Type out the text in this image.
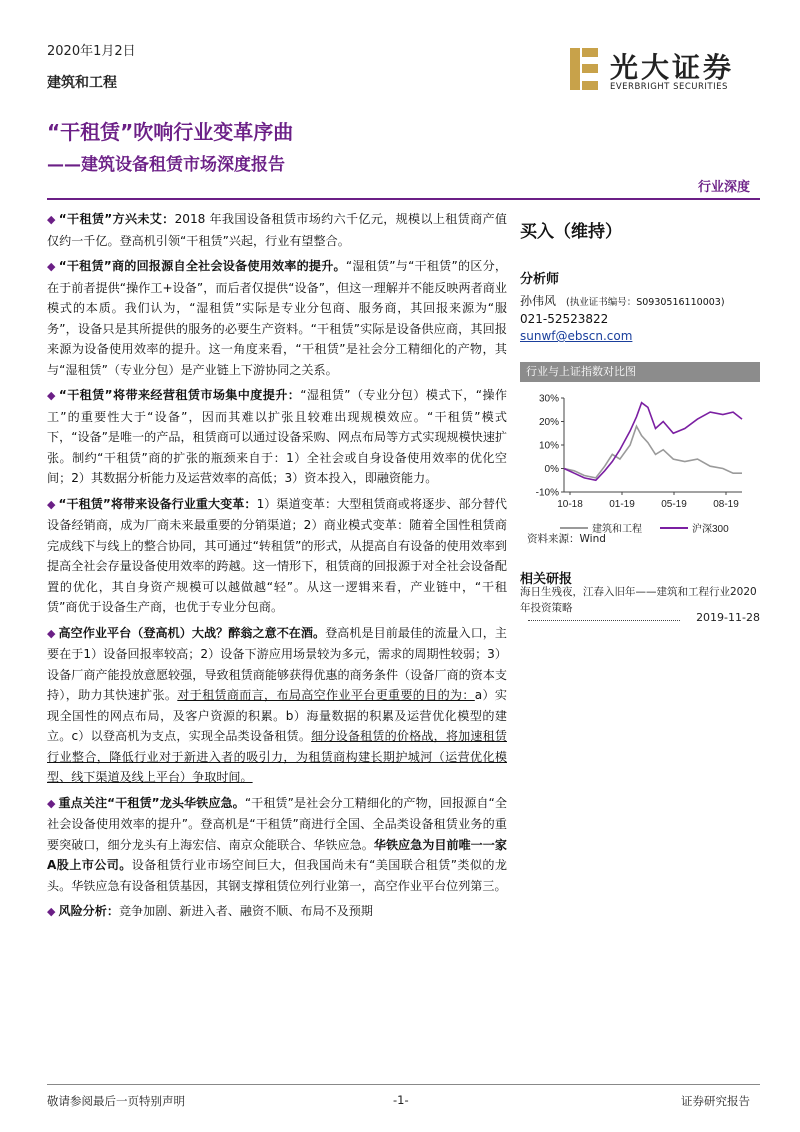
2020年1月2日
建筑和工程	光大证券
EVERBRIGHT SECURITIES
“干租赁”吹响行业变革序曲
——建筑设备租赁市场深度报告
行业深度

◆ “干租赁”方兴未艾：2018 年我国设备租赁市场约六千亿元，规模以上租赁商产值仅约一千亿。登高机引领“干租赁”兴起，行业有望整合。

◆ “干租赁”商的回报源自全社会设备使用效率的提升。“湿租赁”与“干租赁”的区分，在于前者提供“操作工+设备”，而后者仅提供“设备”，但这一理解并不能反映两者商业模式的本质。我们认为，“湿租赁”实际是专业分包商、服务商，其回报来源为“服务”，设备只是其所提供的服务的必要生产资料。“干租赁”实际是设备供应商，其回报来源为设备使用效率的提升。这一角度来看，“干租赁”是社会分工精细化的产物，其与“湿租赁”（专业分包）是产业链上下游协同之关系。

◆ “干租赁”将带来经营租赁市场集中度提升：“湿租赁”（专业分包）模式下，“操作工”的重要性大于“设备”，因而其难以扩张且较难出现规模效应。“干租赁”模式下，“设备”是唯一的产品，租赁商可以通过设备采购、网点布局等方式实现规模快速扩张。制约“干租赁”商的扩张的瓶颈来自于：1）全社会或自身设备使用效率的优化空间；2）其数据分析能力及运营效率的高低；3）资本投入，即融资能力。

◆ “干租赁”将带来设备行业重大变革：1）渠道变革：大型租赁商或将逐步、部分替代设备经销商，成为厂商未来最重要的分销渠道；2）商业模式变革：随着全国性租赁商完成线下与线上的整合协同，其可通过“转租赁”的形式，从提高自有设备的使用效率到提高全社会存量设备使用效率的跨越。这一情形下，租赁商的回报源于对全社会设备配置的优化，其自身资产规模可以越做越“轻”。从这一逻辑来看，产业链中，“干租赁”商优于设备生产商，也优于专业分包商。

◆ 高空作业平台（登高机）大战？醉翁之意不在酒。登高机是目前最佳的流量入口，主要在于1）设备回报率较高；2）设备下游应用场景较为多元，需求的周期性较弱；3）设备厂商产能投放意愿较强，导致租赁商能够获得优惠的商务条件（设备厂商的资本支持），助力其快速扩张。对于租赁商而言，布局高空作业平台更重要的目的为：a）实现全国性的网点布局，及客户资源的积累。b）海量数据的积累及运营优化模型的建立。c）以登高机为支点，实现全品类设备租赁。细分设备租赁的价格战，将加速租赁行业整合，降低行业对于新进入者的吸引力，为租赁商构建长期护城河（运营优化模型、线下渠道及线上平台）争取时间。

◆ 重点关注“干租赁”龙头华铁应急。“干租赁”是社会分工精细化的产物，回报源自“全社会设备使用效率的提升”。登高机是“干租赁”商进行全国、全品类设备租赁业务的重要突破口，细分龙头有上海宏信、南京众能联合、华铁应急。华铁应急为目前唯一一家A股上市公司。设备租赁行业市场空间巨大，但我国尚未有“美国联合租赁”类似的龙头。华铁应急有设备租赁基因，其钢支撑租赁位列行业第一，高空作业平台位列第三。

◆ 风险分析：竞争加剧、新进入者、融资不顺、布局不及预期

买入（维持）
分析师
孙伟风 (执业证书编号：S0930516110003)
021-52523822
sunwf@ebscn.com
行业与上证指数对比图
30%
20%
10%
0%
-10%
10-18	01-19	05-19	08-19
建筑和工程	沪深300
资料来源：Wind
相关研报
海日生残夜，江春入旧年——建筑和工程行业2020年投资策略
2019-11-28
敬请参阅最后一页特别声明	-1-	证券研究报告
